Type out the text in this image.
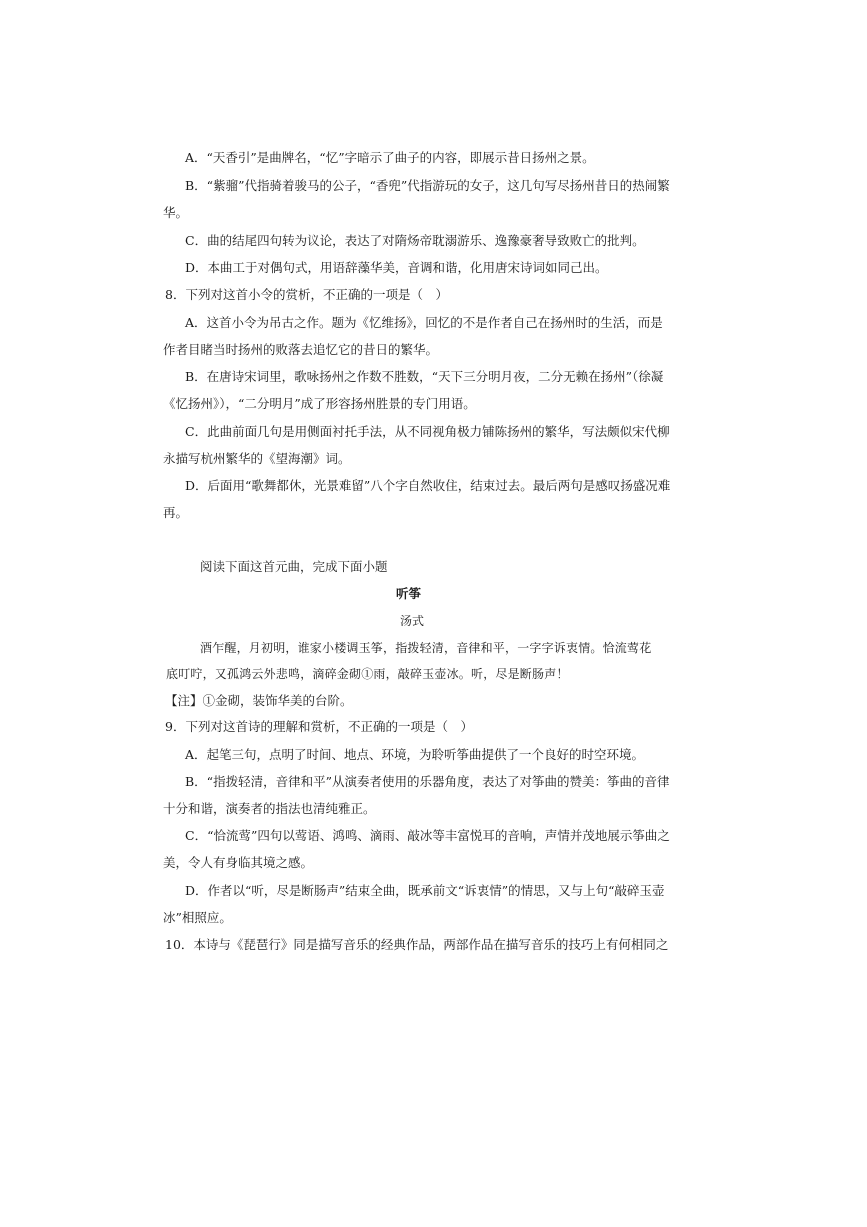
A．“天香引”是曲牌名，“忆”字暗示了曲子的内容，即展示昔日扬州之景。
B．“紫骝”代指骑着骏马的公子，“香兜”代指游玩的女子，这几句写尽扬州昔日的热闹繁
华。
C．曲的结尾四句转为议论，表达了对隋炀帝耽溺游乐、逸豫豪奢导致败亡的批判。
D．本曲工于对偶句式，用语辞藻华美，音调和谐，化用唐宋诗词如同己出。
8．下列对这首小令的赏析，不正确的一项是（　）
A．这首小令为吊古之作。题为《忆维扬》，回忆的不是作者自己在扬州时的生活，而是
作者目睹当时扬州的败落去追忆它的昔日的繁华。
B．在唐诗宋词里，歌咏扬州之作数不胜数，“天下三分明月夜，二分无赖在扬州”（徐凝
《忆扬州》），“二分明月”成了形容扬州胜景的专门用语。
C．此曲前面几句是用侧面衬托手法，从不同视角极力铺陈扬州的繁华，写法颇似宋代柳
永描写杭州繁华的《望海潮》词。
D．后面用“歌舞都休，光景难留”八个字自然收住，结束过去。最后两句是感叹扬盛况难
再。
阅读下面这首元曲，完成下面小题
听筝
汤式
酒乍醒，月初明，谁家小楼调玉筝，指拨轻清，音律和平，一字字诉衷情。恰流莺花
底叮咛，又孤鸿云外悲鸣，滴碎金砌①雨，敲碎玉壶冰。听，尽是断肠声！
【注】①金砌，装饰华美的台阶。
9．下列对这首诗的理解和赏析，不正确的一项是（　）
A．起笔三句，点明了时间、地点、环境，为聆听筝曲提供了一个良好的时空环境。
B．“指拨轻清，音律和平”从演奏者使用的乐器角度，表达了对筝曲的赞美：筝曲的音律
十分和谐，演奏者的指法也清纯雅正。
C．“恰流莺”四句以莺语、鸿鸣、滴雨、敲冰等丰富悦耳的音响，声情并茂地展示筝曲之
美，令人有身临其境之感。
D．作者以“听，尽是断肠声”结束全曲，既承前文“诉衷情”的情思，又与上句“敲碎玉壶
冰”相照应。
10．本诗与《琵琶行》同是描写音乐的经典作品，两部作品在描写音乐的技巧上有何相同之
